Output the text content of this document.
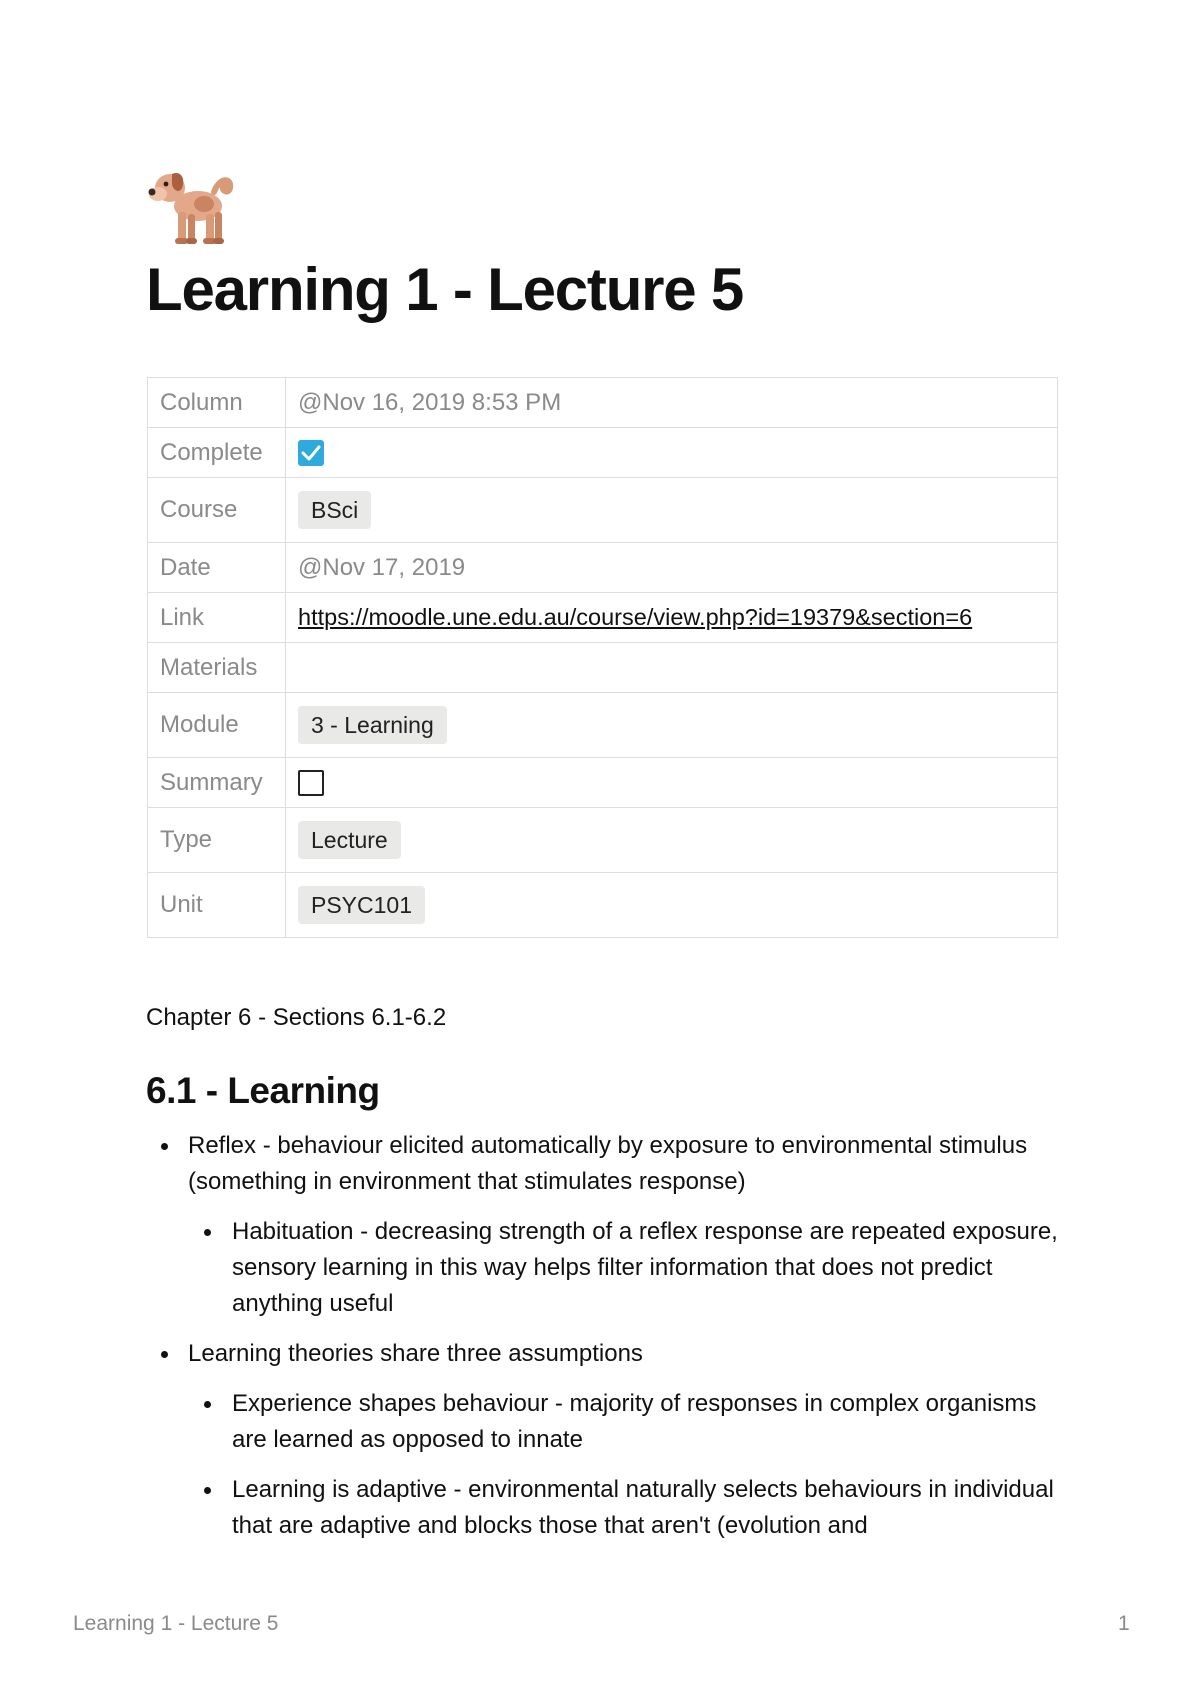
Learning 1 - Lecture 5
Column	@Nov 16, 2019 8:53 PM
Complete	

Course	BSci
Date	@Nov 17, 2019
Link	https://moodle.une.edu.au/course/view.php?id=19379&section=6
Materials	
Module	3 - Learning
Summary	
Type	Lecture
Unit	PSYC101

Chapter 6 - Sections 6.1-6.2

6.1 - Learning
Reflex - behaviour elicited automatically by exposure to environmental stimulus (something in environment that stimulates response)
Habituation - decreasing strength of a reflex response are repeated exposure, sensory learning in this way helps filter information that does not predict anything useful
Learning theories share three assumptions
Experience shapes behaviour - majority of responses in complex organisms are learned as opposed to innate
Learning is adaptive - environmental naturally selects behaviours in individual that are adaptive and blocks those that aren't (evolution and

Learning 1 - Lecture 5	1
